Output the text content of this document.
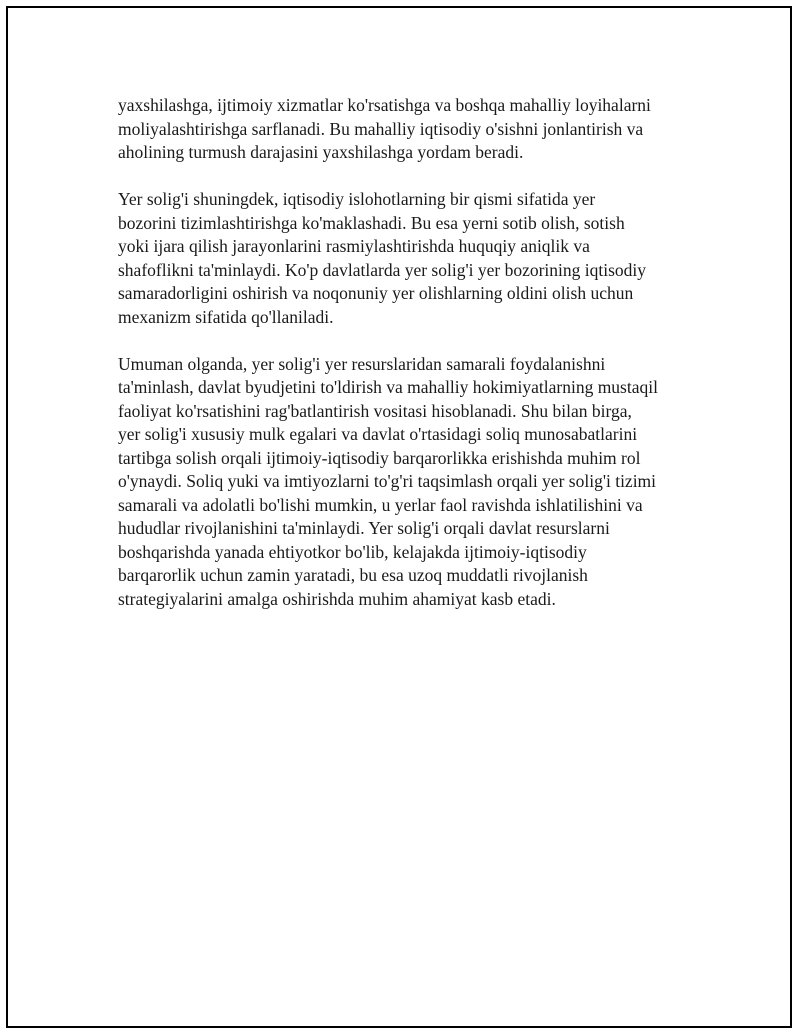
yaxshilashga, ijtimoiy xizmatlar ko'rsatishga va boshqa mahalliy loyihalarni
moliyalashtirishga sarflanadi. Bu mahalliy iqtisodiy o'sishni jonlantirish va
aholining turmush darajasini yaxshilashga yordam beradi.

Yer solig'i shuningdek, iqtisodiy islohotlarning bir qismi sifatida yer
bozorini tizimlashtirishga ko'maklashadi. Bu esa yerni sotib olish, sotish
yoki ijara qilish jarayonlarini rasmiylashtirishda huquqiy aniqlik va
shafoflikni ta'minlaydi. Ko'p davlatlarda yer solig'i yer bozorining iqtisodiy
samaradorligini oshirish va noqonuniy yer olishlarning oldini olish uchun
mexanizm sifatida qo'llaniladi.

Umuman olganda, yer solig'i yer resurslaridan samarali foydalanishni
ta'minlash, davlat byudjetini to'ldirish va mahalliy hokimiyatlarning mustaqil
faoliyat ko'rsatishini rag'batlantirish vositasi hisoblanadi. Shu bilan birga,
yer solig'i xususiy mulk egalari va davlat o'rtasidagi soliq munosabatlarini
tartibga solish orqali ijtimoiy-iqtisodiy barqarorlikka erishishda muhim rol
o'ynaydi. Soliq yuki va imtiyozlarni to'g'ri taqsimlash orqali yer solig'i tizimi
samarali va adolatli bo'lishi mumkin, u yerlar faol ravishda ishlatilishini va
hududlar rivojlanishini ta'minlaydi. Yer solig'i orqali davlat resurslarni
boshqarishda yanada ehtiyotkor bo'lib, kelajakda ijtimoiy-iqtisodiy
barqarorlik uchun zamin yaratadi, bu esa uzoq muddatli rivojlanish
strategiyalarini amalga oshirishda muhim ahamiyat kasb etadi.
